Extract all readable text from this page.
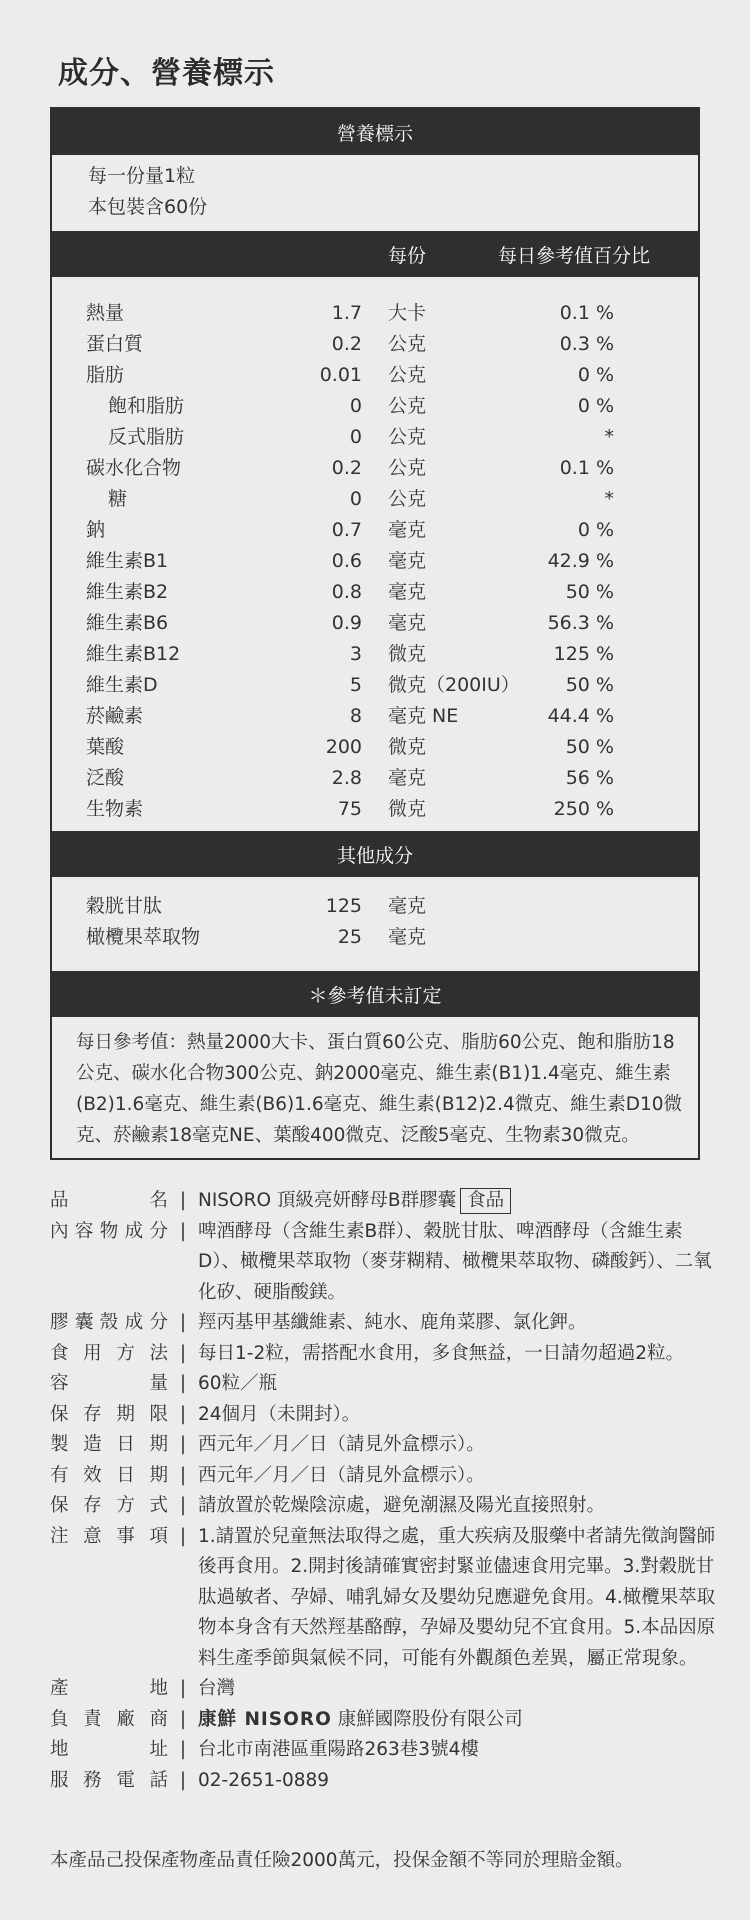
成分、營養標示
營養標示
每一份量1粒
本包裝含60份
每份	每日參考值百分比
熱量	1.7 大卡	0.1 %
蛋白質	0.2 公克	0.3 %
脂肪	0.01 公克	0 %
飽和脂肪	0 公克	0 %
反式脂肪	0 公克	*
碳水化合物	0.2 公克	0.1 %
糖	0 公克	*
鈉	0.7 毫克	0 %
維生素B1	0.6 毫克	42.9 %
維生素B2	0.8 毫克	50 %
維生素B6	0.9 毫克	56.3 %
維生素B12	3 微克	125 %
維生素D	5 微克（200IU） 50 %
菸鹼素	8 毫克 NE	44.4 %
葉酸	200 微克	50 %
泛酸	2.8 毫克	56 %
生物素	75 微克	250 %
其他成分
穀胱甘肽	125 毫克
橄欖果萃取物	25 毫克
＊參考值未訂定
每日參考值：熱量2000大卡、蛋白質60公克、脂肪60公克、飽和脂肪18公克、碳水化合物300公克、鈉2000毫克、維生素(B1)1.4毫克、維生素(B2)1.6毫克、維生素(B6)1.6毫克、維生素(B12)2.4微克、維生素D10微克、菸鹼素18毫克NE、葉酸400微克、泛酸5毫克、生物素30微克。
品	名 | NISORO 頂級亮妍酵母B群膠囊 食品
內 容 物 成 分 | 啤酒酵母（含維生素B群）、穀胱甘肽、啤酒酵母（含維生素D）、橄欖果萃取物（麥芽糊精、橄欖果萃取物、磷酸鈣）、二氧化矽、硬脂酸鎂。
膠 囊 殼 成 分 | 羥丙基甲基纖維素、純水、鹿角菜膠、氯化鉀。
食 用 方 法 | 每日1-2粒，需搭配水食用，多食無益，一日請勿超過2粒。
容	量 | 60粒／瓶
保 存 期 限 | 24個月（未開封）。
製 造 日 期 | 西元年／月／日（請見外盒標示）。
有 效 日 期 | 西元年／月／日（請見外盒標示）。
保 存 方 式 | 請放置於乾燥陰涼處，避免潮濕及陽光直接照射。
注 意 事 項 | 1.請置於兒童無法取得之處，重大疾病及服藥中者請先徵詢醫師後再食用。2.開封後請確實密封緊並儘速食用完畢。3.對穀胱甘肽過敏者、孕婦、哺乳婦女及嬰幼兒應避免食用。4.橄欖果萃取物本身含有天然羥基酪醇，孕婦及嬰幼兒不宜食用。5.本品因原料生產季節與氣候不同，可能有外觀顏色差異，屬正常現象。
產	地 | 台灣
負 責 廠 商 | 康鮮 NISORO 康鮮國際股份有限公司
地	址 | 台北市南港區重陽路263巷3號4樓
服 務 電 話 | 02-2651-0889
本產品己投保產物產品責任險2000萬元，投保金額不等同於理賠金額。
